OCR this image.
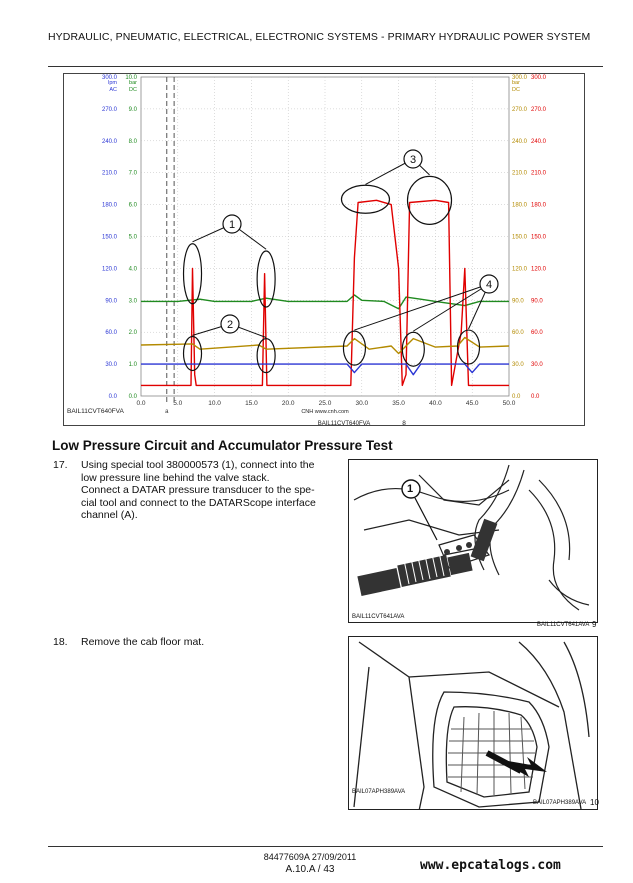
HYDRAULIC, PNEUMATIC, ELECTRICAL, ELECTRONIC SYSTEMS - PRIMARY HYDRAULIC POWER SYSTEM
0.0 0.0	0.0 0.0
30.0 1.0	30.0 30.0
60.0 2.0	60.0 60.0
90.0 3.0	90.0 90.0
120.0 4.0	120.0 120.0
150.0 5.0	150.0 150.0
180.0 6.0	180.0 180.0
210.0 7.0	210.0 210.0
240.0 8.0	240.0 240.0
270.0 9.0	270.0 270.0
300.0 10.0	300.0 300.0
lpm
AC
bar
DC
bar
DC
0.0	5.0	10.0	15.0	20.0	25.0	30.0	35.0	40.0	45.0	50.0
a
1
2
3
4
BAIL11CVT640FVA	CNH www.cnh.com
BAIL11CVT640FVA	8
Low Pressure Circuit and Accumulator Pressure Test
17. Using special tool 380000573 (1), connect into the
low pressure line behind the valve stack.
Connect a DATAR pressure transducer to the spe-
cial tool and connect to the DATARScope interface
channel (A).
1
BAIL11CVT641AVA
BAIL11CVT641AVA 9
18. Remove the cab floor mat.
BAIL07APH389AVA
BAIL07APH389AVA 10
84477609A 27/09/2011
A.10.A / 43	www.epcatalogs.com
